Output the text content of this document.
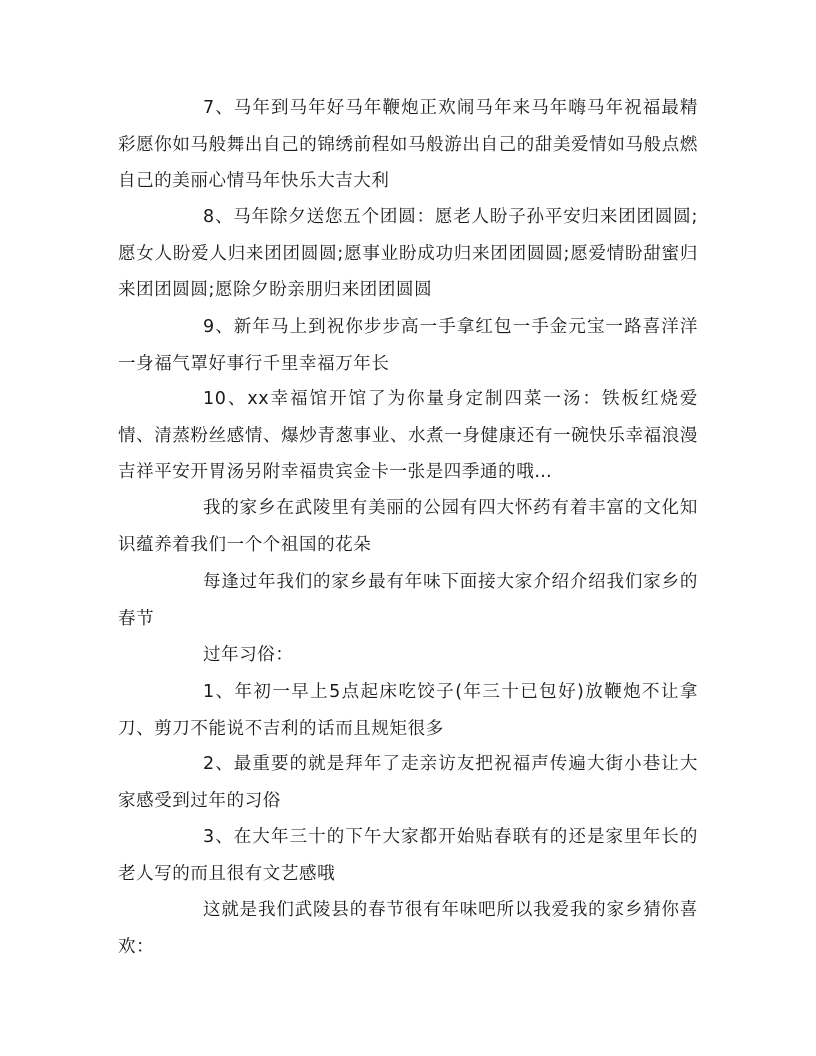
7、马年到马年好马年鞭炮正欢闹马年来马年嗨马年祝福最精彩愿你如马般舞出自己的锦绣前程如马般游出自己的甜美爱情如马般点燃自己的美丽心情马年快乐大吉大利

8、马年除夕送您五个团圆：愿老人盼子孙平安归来团团圆圆;愿女人盼爱人归来团团圆圆;愿事业盼成功归来团团圆圆;愿爱情盼甜蜜归来团团圆圆;愿除夕盼亲朋归来团团圆圆

9、新年马上到祝你步步高一手拿红包一手金元宝一路喜洋洋一身福气罩好事行千里幸福万年长

10、xx幸福馆开馆了为你量身定制四菜一汤：铁板红烧爱情、清蒸粉丝感情、爆炒青葱事业、水煮一身健康还有一碗快乐幸福浪漫吉祥平安开胃汤另附幸福贵宾金卡一张是四季通的哦…

我的家乡在武陵里有美丽的公园有四大怀药有着丰富的文化知识蕴养着我们一个个祖国的花朵

每逢过年我们的家乡最有年味下面接大家介绍介绍我们家乡的春节

过年习俗：

1、年初一早上5点起床吃饺子(年三十已包好)放鞭炮不让拿刀、剪刀不能说不吉利的话而且规矩很多

2、最重要的就是拜年了走亲访友把祝福声传遍大街小巷让大家感受到过年的习俗

3、在大年三十的下午大家都开始贴春联有的还是家里年长的老人写的而且很有文艺感哦

这就是我们武陵县的春节很有年味吧所以我爱我的家乡猜你喜欢：
